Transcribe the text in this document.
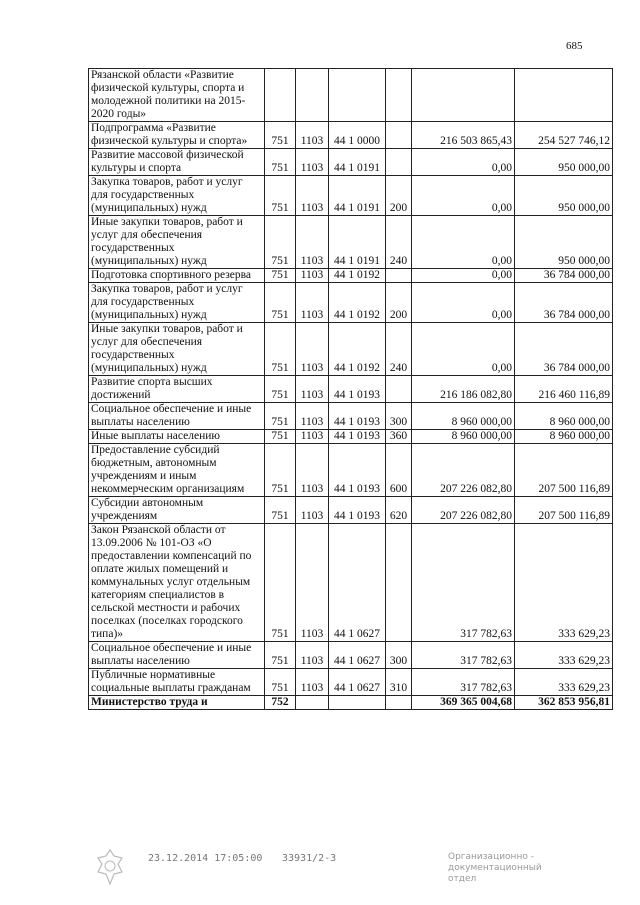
685
Рязанской области «Развитие физической культуры, спорта и молодежной политики на 2015-2020 годы»						
Подпрограмма «Развитие физической культуры и спорта»	751	1103	44 1 0000		216 503 865,43	254 527 746,12
Развитие массовой физической культуры и спорта	751	1103	44 1 0191		0,00	950 000,00
Закупка товаров, работ и услуг для государственных (муниципальных) нужд	751	1103	44 1 0191	200	0,00	950 000,00
Иные закупки товаров, работ и услуг для обеспечения государственных (муниципальных) нужд	751	1103	44 1 0191	240	0,00	950 000,00
Подготовка спортивного резерва	751	1103	44 1 0192		0,00	36 784 000,00
Закупка товаров, работ и услуг для государственных (муниципальных) нужд	751	1103	44 1 0192	200	0,00	36 784 000,00
Иные закупки товаров, работ и услуг для обеспечения государственных (муниципальных) нужд	751	1103	44 1 0192	240	0,00	36 784 000,00
Развитие спорта высших достижений	751	1103	44 1 0193		216 186 082,80	216 460 116,89
Социальное обеспечение и иные выплаты населению	751	1103	44 1 0193	300	8 960 000,00	8 960 000,00
Иные выплаты населению	751	1103	44 1 0193	360	8 960 000,00	8 960 000,00
Предоставление субсидий бюджетным, автономным учреждениям и иным некоммерческим организациям	751	1103	44 1 0193	600	207 226 082,80	207 500 116,89
Субсидии автономным учреждениям	751	1103	44 1 0193	620	207 226 082,80	207 500 116,89
Закон Рязанской области от 13.09.2006 № 101-ОЗ «О предоставлении компенсаций по оплате жилых помещений и коммунальных услуг отдельным категориям специалистов в сельской местности и рабочих поселках (поселках городского типа)»	751	1103	44 1 0627		317 782,63	333 629,23
Социальное обеспечение и иные выплаты населению	751	1103	44 1 0627	300	317 782,63	333 629,23
Публичные нормативные социальные выплаты гражданам	751	1103	44 1 0627	310	317 782,63	333 629,23
Министерство труда и	752				369 365 004,68	362 853 956,81
23.12.2014 17:05:00 33931/2-3	Организационно -
документационный отдел
